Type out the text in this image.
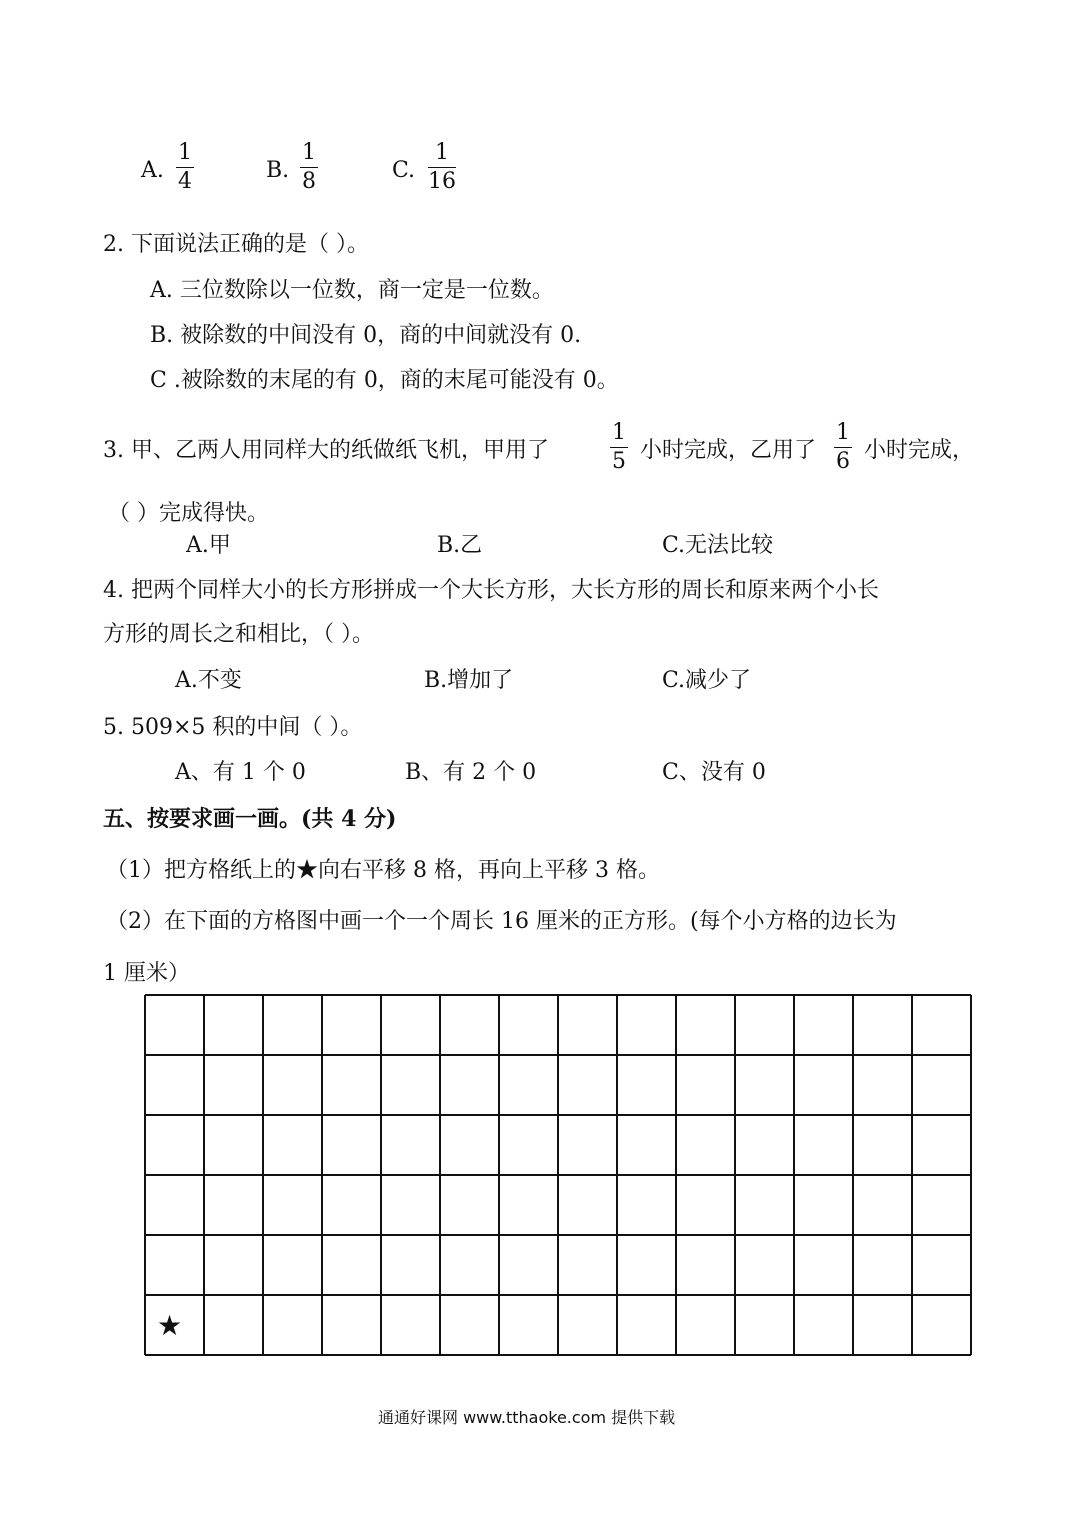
A. $\frac{1}{4}$	B. $\frac{1}{8}$	C. $\frac{1}{16}$
2. 下面说法正确的是（ ）。
A. 三位数除以一位数，商一定是一位数。
B. 被除数的中间没有 0，商的中间就没有 0.
C .被除数的末尾的有 0，商的末尾可能没有 0。
3. 甲、乙两人用同样大的纸做纸飞机，甲用了	$\frac{1}{5}$ 小时完成，乙用了 $\frac{1}{6}$ 小时完成，
（ ）完成得快。
A.甲	B.乙	C.无法比较
4. 把两个同样大小的长方形拼成一个大长方形，大长方形的周长和原来两个小长
方形的周长之和相比，（ ）。
A.不变	B.增加了	C.减少了
5. 509×5 积的中间（ ）。
A、有 1 个 0	B、有 2 个 0	C、没有 0
五、按要求画一画。(共 4 分)
（1）把方格纸上的★向右平移 8 格，再向上平移 3 格。
（2）在下面的方格图中画一个一个周长 16 厘米的正方形。(每个小方格的边长为
1 厘米）
★
通通好课网 www.tthaoke.com 提供下载
